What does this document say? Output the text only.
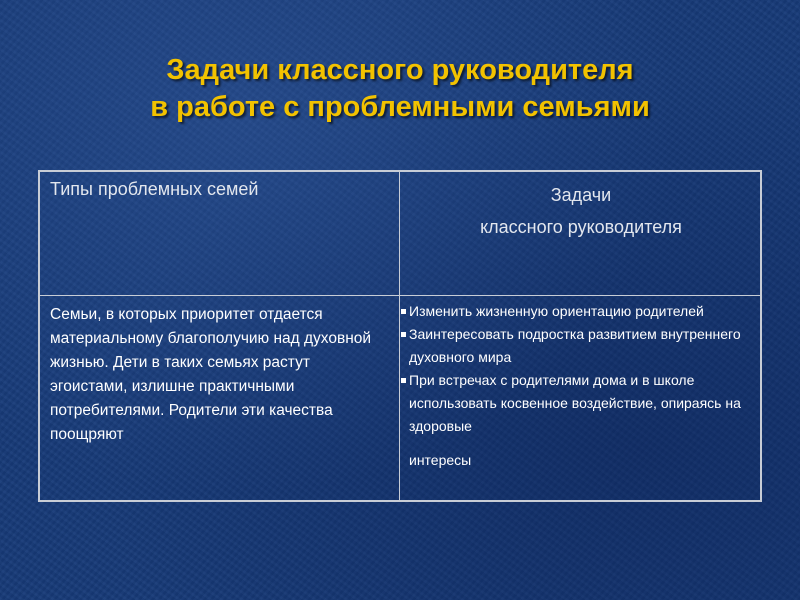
Задачи классного руководителя
в работе с проблемными семьями
Типы проблемных семей	Задачи
классного руководителя
Семьи, в которых приоритет отдается материальному благополучию над духовной жизнью. Дети в таких семьях растут эгоистами, излишне практичными потребителями. Родители эти качества поощряют
Изменить жизненную ориентацию родителей
Заинтересовать подростка развитием внутреннего духовного мира
При встречах с родителями дома и в школе использовать косвенное воздействие, опираясь на здоровые
интересы
